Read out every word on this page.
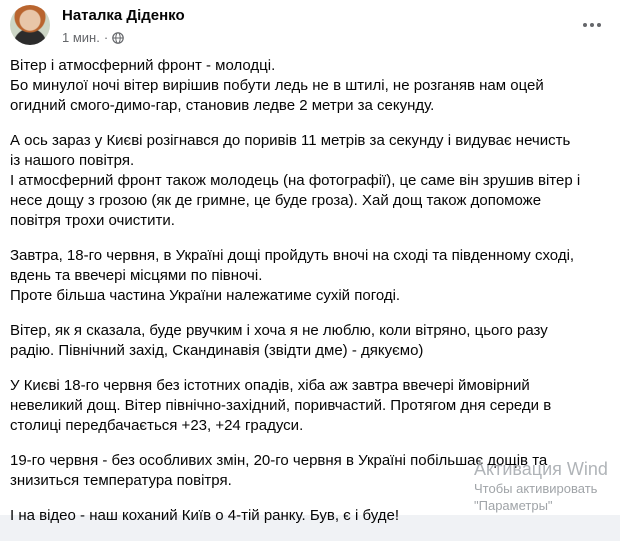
Наталка Діденко
1 мин. ·

Вітер і атмосферний фронт - молодці.
Бо минулої ночі вітер вирішив побути ледь не в штилі, не розганяв нам оцей
огидний смого-димо-гар, становив ледве 2 метри за секунду.

А ось зараз у Києві розігнався до поривів 11 метрів за секунду і видуває нечисть
із нашого повітря.
І атмосферний фронт також молодець (на фотографії), це саме він зрушив вітер і
несе дощу з грозою (як де гримне, це буде гроза). Хай дощ також допоможе
повітря трохи очистити.

Завтра, 18-го червня, в Україні дощі пройдуть вночі на сході та південному сході,
вдень та ввечері місцями по півночі.
Проте більша частина України належатиме сухій погоді.

Вітер, як я сказала, буде рвучким і хоча я не люблю, коли вітряно, цього разу
радію. Північний захід, Скандинавія (звідти дме) - дякуємо)

У Києві 18-го червня без істотних опадів, хіба аж завтра ввечері ймовірний
невеликий дощ. Вітер північно-західний, поривчастий. Протягом дня середи в
столиці передбачається +23, +24 градуси.

19-го червня - без особливих змін, 20-го червня в Україні побільшає дощів та
знизиться температура повітря.

І на відео - наш коханий Київ о 4-тій ранку. Був, є і буде!

Активация Wind
Чтобы активировать
"Параметры"
